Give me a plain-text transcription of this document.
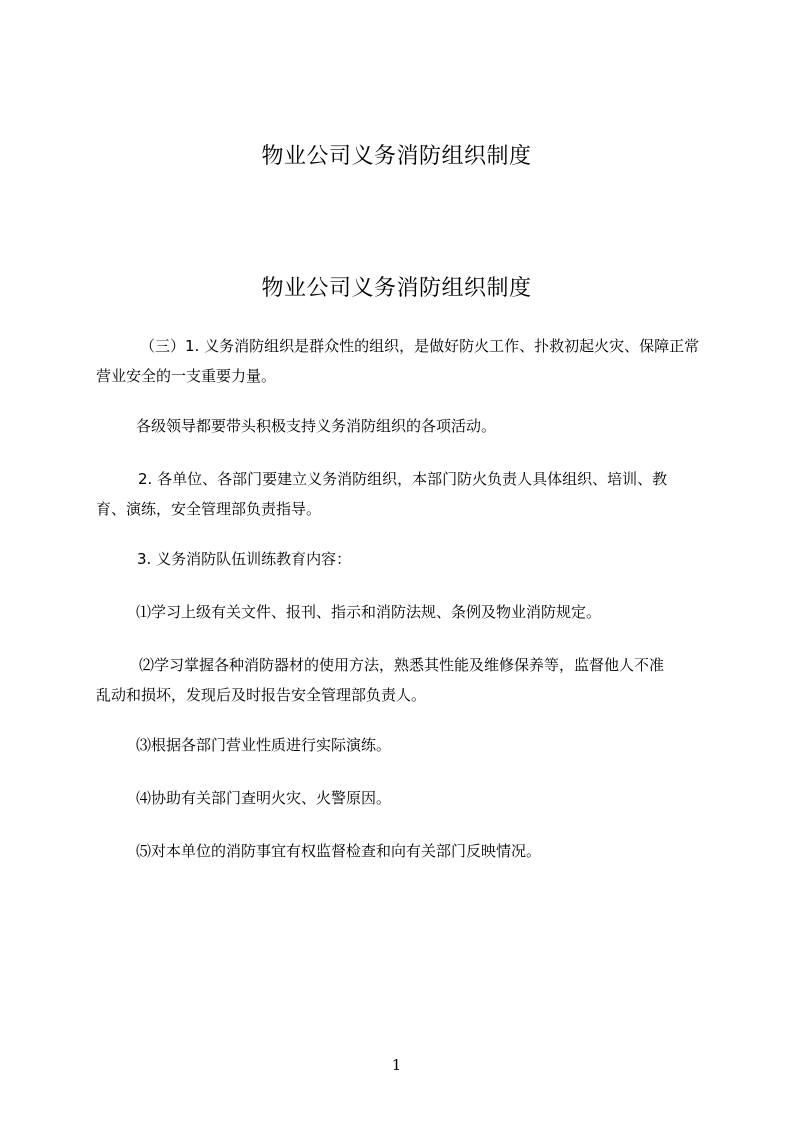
物业公司义务消防组织制度
物业公司义务消防组织制度

（三）1. 义务消防组织是群众性的组织，是做好防火工作、扑救初起火灾、保障正常
营业安全的一支重要力量。

各级领导都要带头积极支持义务消防组织的各项活动。

2. 各单位、各部门要建立义务消防组织，本部门防火负责人具体组织、培训、教
育、演练，安全管理部负责指导。

3. 义务消防队伍训练教育内容：

⑴学习上级有关文件、报刊、指示和消防法规、条例及物业消防规定。

⑵学习掌握各种消防器材的使用方法，熟悉其性能及维修保养等，监督他人不准
乱动和损坏，发现后及时报告安全管理部负责人。

⑶根据各部门营业性质进行实际演练。

⑷协助有关部门查明火灾、火警原因。

⑸对本单位的消防事宜有权监督检查和向有关部门反映情况。

1
